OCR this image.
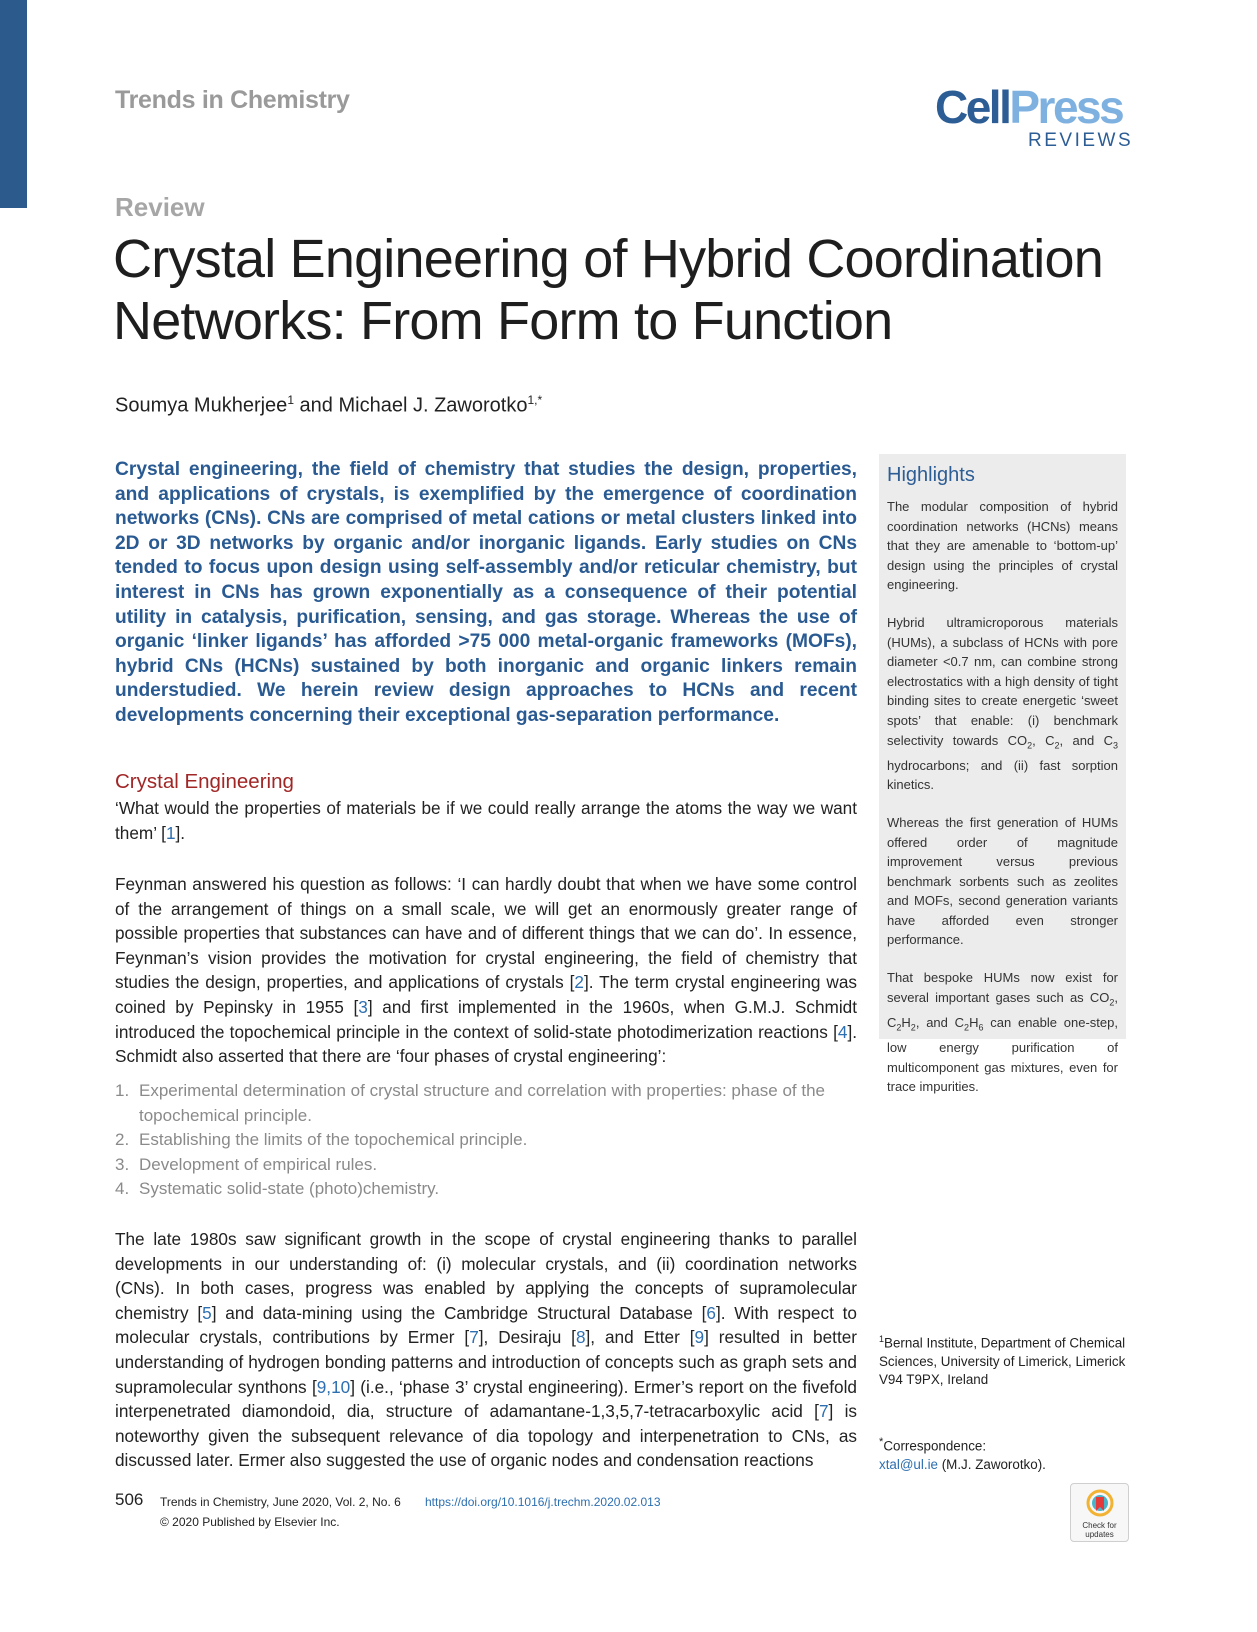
Trends in Chemistry	CellPress
REVIEWS
Review
Crystal Engineering of Hybrid Coordination Networks: From Form to Function
Soumya Mukherjee$^1$ and Michael J. Zaworotko$^{1,*}$

Crystal engineering, the field of chemistry that studies the design, properties, and applications of crystals, is exemplified by the emergence of coordination networks (CNs). CNs are comprised of metal cations or metal clusters linked into 2D or 3D networks by organic and/or inorganic ligands. Early studies on CNs tended to focus upon design using self-assembly and/or reticular chemistry, but interest in CNs has grown exponentially as a consequence of their potential utility in catalysis, purification, sensing, and gas storage. Whereas the use of organic ‘linker ligands’ has afforded >75 000 metal-organic frameworks (MOFs), hybrid CNs (HCNs) sustained by both inorganic and organic linkers remain understudied. We herein review design approaches to HCNs and recent developments concerning their exceptional gas-separation performance.

Highlights

The modular composition of hybrid coordination networks (HCNs) means that they are amenable to ‘bottom-up’ design using the principles of crystal engineering.

Hybrid ultramicroporous materials (HUMs), a subclass of HCNs with pore diameter <0.7 nm, can combine strong electrostatics with a high density of tight binding sites to create energetic ‘sweet spots’ that enable: (i) benchmark selectivity towards $CO_2$, $C_2$, and $C_3$ hydrocarbons; and (ii) fast sorption kinetics.

Whereas the first generation of HUMs offered order of magnitude improvement versus previous benchmark sorbents such as zeolites and MOFs, second generation variants have afforded even stronger performance.

That bespoke HUMs now exist for several important gases such as $CO_2$, $C_2H_2$, and $C_2H_6$ can enable one-step, low energy purification of multicomponent gas mixtures, even for trace impurities.

Crystal Engineering

‘What would the properties of materials be if we could really arrange the atoms the way we want them’ [1].

Feynman answered his question as follows: ‘I can hardly doubt that when we have some control of the arrangement of things on a small scale, we will get an enormously greater range of possible properties that substances can have and of different things that we can do’. In essence, Feynman’s vision provides the motivation for crystal engineering, the field of chemistry that studies the design, properties, and applications of crystals [2]. The term crystal engineering was coined by Pepinsky in 1955 [3] and first implemented in the 1960s, when G.M.J. Schmidt introduced the topochemical principle in the context of solid-state photodimerization reactions [4]. Schmidt also asserted that there are ‘four phases of crystal engineering’:

1. Experimental determination of crystal structure and correlation with properties: phase of the topochemical principle.
2. Establishing the limits of the topochemical principle.
3. Development of empirical rules.
4. Systematic solid-state (photo)chemistry.

The late 1980s saw significant growth in the scope of crystal engineering thanks to parallel developments in our understanding of: (i) molecular crystals, and (ii) coordination networks (CNs). In both cases, progress was enabled by applying the concepts of supramolecular chemistry [5] and data-mining using the Cambridge Structural Database [6]. With respect to molecular crystals, contributions by Ermer [7], Desiraju [8], and Etter [9] resulted in better understanding of hydrogen bonding patterns and introduction of concepts such as graph sets and supramolecular synthons [9,10] (i.e., ‘phase 3’ crystal engineering). Ermer’s report on the fivefold interpenetrated diamondoid, dia, structure of adamantane-1,3,5,7-tetracarboxylic acid [7] is noteworthy given the subsequent relevance of dia topology and interpenetration to CNs, as discussed later. Ermer also suggested the use of organic nodes and condensation reactions

$^1$Bernal Institute, Department of Chemical Sciences, University of Limerick, Limerick V94 T9PX, Ireland
*Correspondence:
xtal@ul.ie (M.J. Zaworotko).
506 Trends in Chemistry, June 2020, Vol. 2, No. 6 https://doi.org/10.1016/j.trechm.2020.02.013
© 2020 Published by Elsevier Inc.	Check for
updates
